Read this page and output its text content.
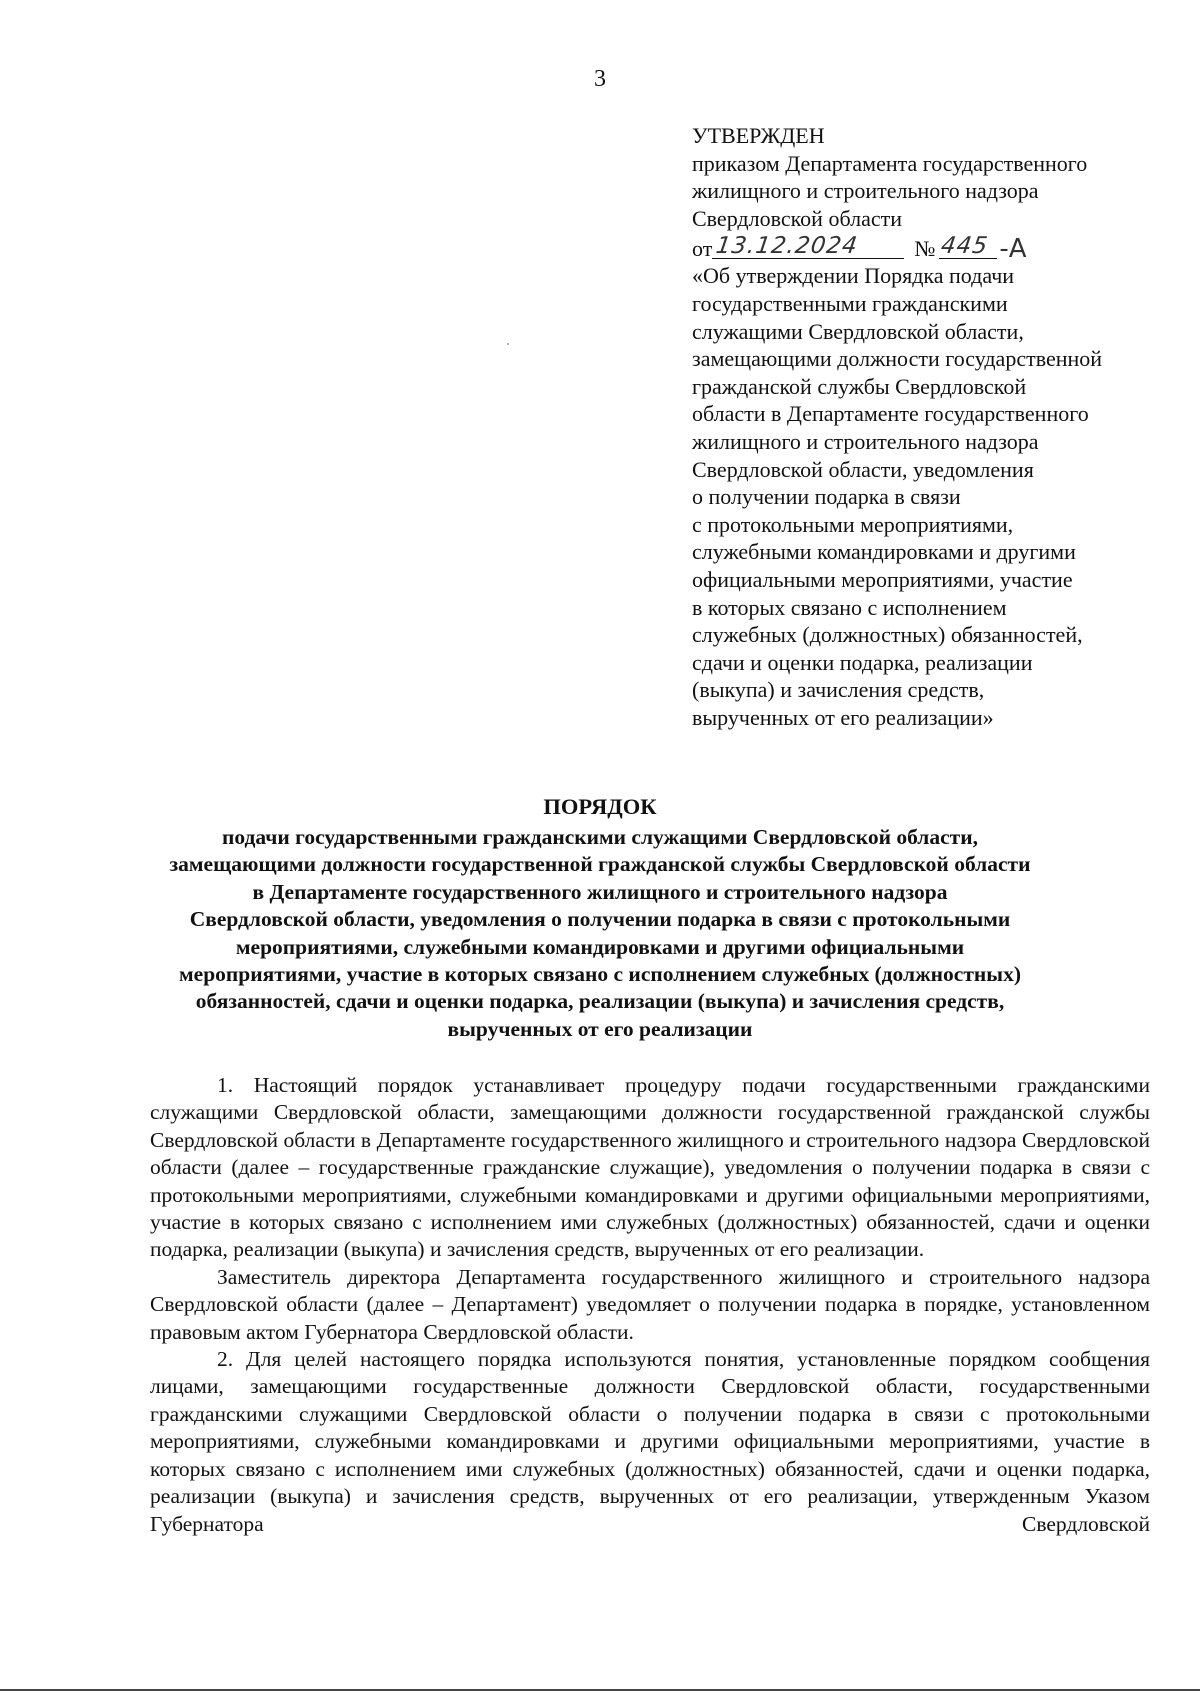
3
УТВЕРЖДЕН
приказом Департамента государственного
жилищного и строительного надзора
Свердловской области
от 13.12.2024 № 445 -А
«Об утверждении Порядка подачи
государственными гражданскими
служащими Свердловской области,
замещающими должности государственной
гражданской службы Свердловской
области в Департаменте государственного
жилищного и строительного надзора
Свердловской области, уведомления
о получении подарка в связи
с протокольными мероприятиями,
служебными командировками и другими
официальными мероприятиями, участие
в которых связано с исполнением
служебных (должностных) обязанностей,
сдачи и оценки подарка, реализации
(выкупа) и зачисления средств,
вырученных от его реализации»
ПОРЯДОК
подачи государственными гражданскими служащими Свердловской области,
замещающими должности государственной гражданской службы Свердловской области
в Департаменте государственного жилищного и строительного надзора
Свердловской области, уведомления о получении подарка в связи с протокольными
мероприятиями, служебными командировками и другими официальными
мероприятиями, участие в которых связано с исполнением служебных (должностных)
обязанностей, сдачи и оценки подарка, реализации (выкупа) и зачисления средств,
вырученных от его реализации

1. Настоящий порядок устанавливает процедуру подачи государственными гражданскими служащими Свердловской области, замещающими должности государственной гражданской службы Свердловской области в Департаменте государственного жилищного и строительного надзора Свердловской области (далее – государственные гражданские служащие), уведомления о получении подарка в связи с протокольными мероприятиями, служебными командировками и другими официальными мероприятиями, участие в которых связано с исполнением ими служебных (должностных) обязанностей, сдачи и оценки подарка, реализации (выкупа) и зачисления средств, вырученных от его реализации.

Заместитель директора Департамента государственного жилищного и строительного надзора Свердловской области (далее – Департамент) уведомляет о получении подарка в порядке, установленном правовым актом Губернатора Свердловской области.

2. Для целей настоящего порядка используются понятия, установленные порядком сообщения лицами, замещающими государственные должности Свердловской области, государственными гражданскими служащими Свердловской области о получении подарка в связи с протокольными мероприятиями, служебными командировками и другими официальными мероприятиями, участие в которых связано с исполнением ими служебных (должностных) обязанностей, сдачи и оценки подарка, реализации (выкупа) и зачисления средств, вырученных от его реализации, утвержденным Указом Губернатора Свердловской
